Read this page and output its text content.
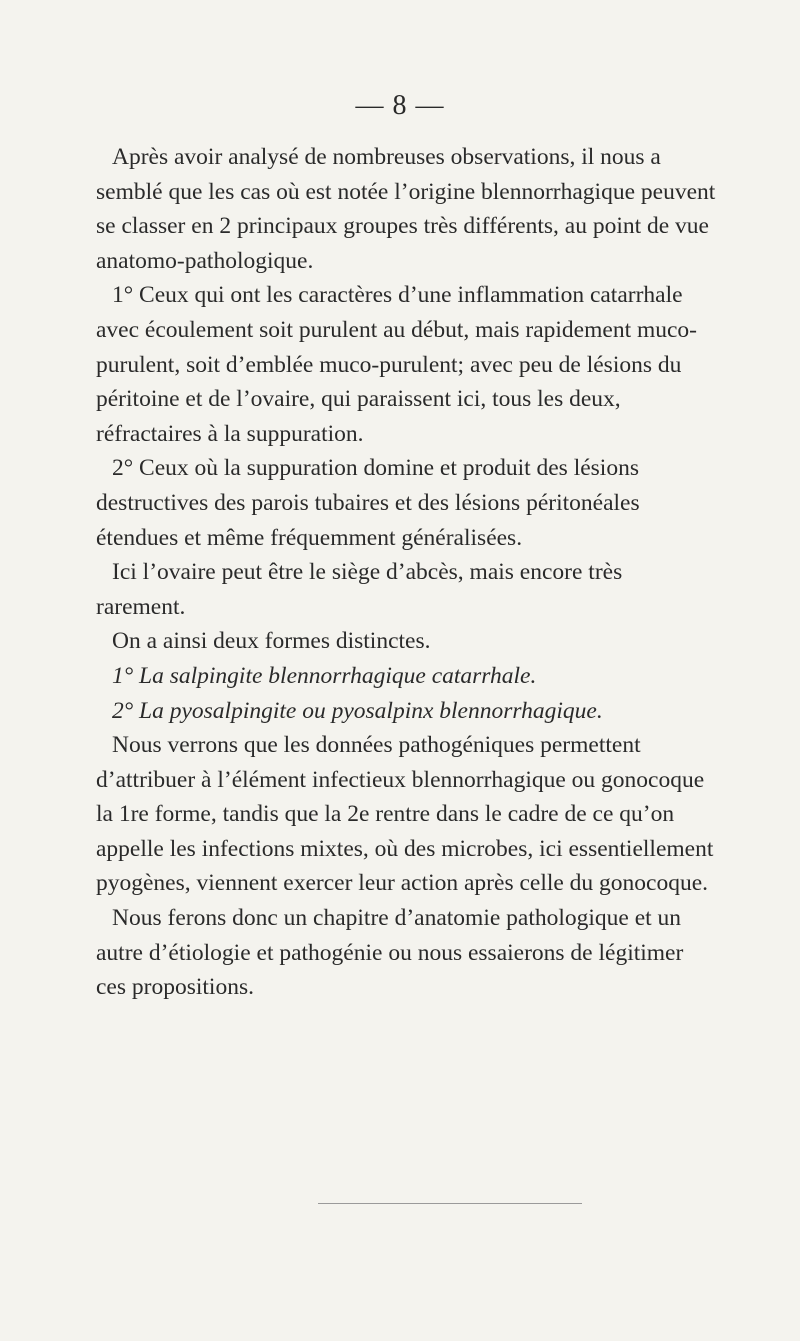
— 8 —

Après avoir analysé de nombreuses observations, il nous a semblé que les cas où est notée l’origine blennorrhagique peuvent se classer en 2 principaux groupes très différents, au point de vue anatomo-pathologique.

1° Ceux qui ont les caractères d’une inflammation catarrhale avec écoulement soit purulent au début, mais rapidement muco-purulent, soit d’emblée muco-purulent; avec peu de lésions du péritoine et de l’ovaire, qui paraissent ici, tous les deux, réfractaires à la suppuration.

2° Ceux où la suppuration domine et produit des lésions destructives des parois tubaires et des lésions péritonéales étendues et même fréquemment généralisées.

Ici l’ovaire peut être le siège d’abcès, mais encore très rarement.

On a ainsi deux formes distinctes.

1° La salpingite blennorrhagique catarrhale.

2° La pyosalpingite ou pyosalpinx blennorrhagique.

Nous verrons que les données pathogéniques permettent d’attribuer à l’élément infectieux blennorrhagique ou gonocoque la 1re forme, tandis que la 2e rentre dans le cadre de ce qu’on appelle les infections mixtes, où des microbes, ici essentiellement pyogènes, viennent exercer leur action après celle du gonocoque.

Nous ferons donc un chapitre d’anatomie pathologique et un autre d’étiologie et pathogénie ou nous essaierons de légitimer ces propositions.
